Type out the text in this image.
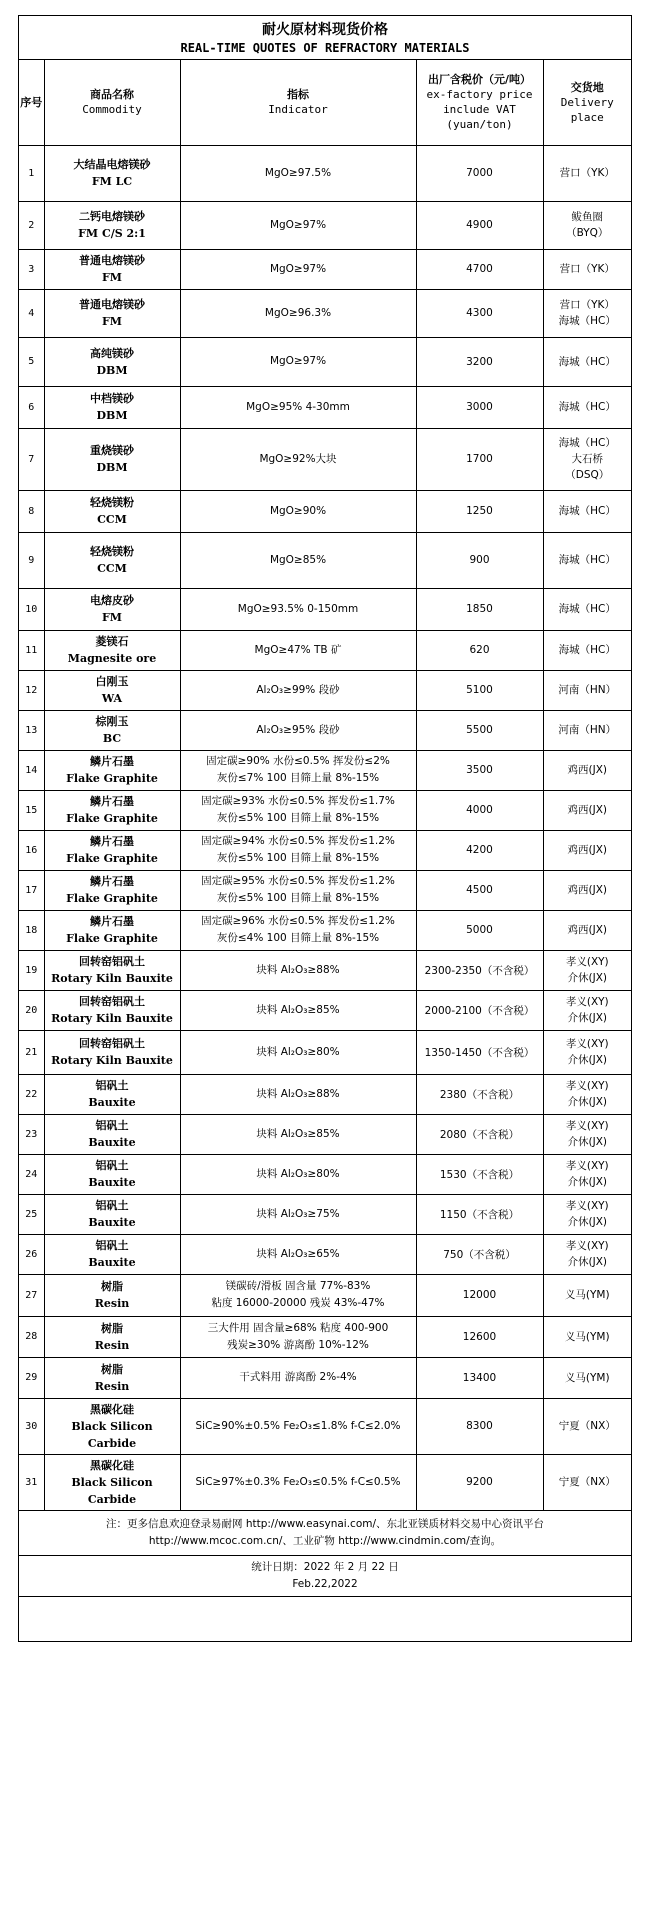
耐火原材料现货价格
REAL-TIME QUOTES OF REFRACTORY MATERIALS
序号	商品名称
Commodity	指标
Indicator	出厂含税价（元/吨）
ex-factory price
include VAT
(yuan/ton)	交货地
Delivery
place

1	大结晶电熔镁砂
FM LC	MgO≥97.5%	7000	营口（YK）

2	二钙电熔镁砂
FM C/S 2:1	MgO≥97%	4900	鲅鱼圈
（BYQ）

3	普通电熔镁砂
FM	MgO≥97%	4700	营口（YK）

4	普通电熔镁砂
FM	MgO≥96.3%	4300	营口（YK）
海城（HC）

5	高纯镁砂
DBM	MgO≥97%	3200	海城（HC）

6	中档镁砂
DBM	MgO≥95% 4-30mm	3000	海城（HC）

7	重烧镁砂
DBM	MgO≥92%大块	1700	海城（HC）
大石桥
（DSQ）

8	轻烧镁粉
CCM	MgO≥90%	1250	海城（HC）

9	轻烧镁粉
CCM	MgO≥85%	900	海城（HC）

10	电熔皮砂
FM	MgO≥93.5% 0-150mm	1850	海城（HC）

11	菱镁石
Magnesite ore	MgO≥47% TB 矿	620	海城（HC）

12	白刚玉
WA	Al₂O₃≥99% 段砂	5100	河南（HN）

13	棕刚玉
BC	Al₂O₃≥95% 段砂	5500	河南（HN）

14	鳞片石墨
Flake Graphite	固定碳≥90% 水份≤0.5% 挥发份≤2%
灰份≤7% 100 目筛上量 8%-15%	3500	鸡西(JX)

15	鳞片石墨
Flake Graphite	固定碳≥93% 水份≤0.5% 挥发份≤1.7%
灰份≤5% 100 目筛上量 8%-15%	4000	鸡西(JX)

16	鳞片石墨
Flake Graphite	固定碳≥94% 水份≤0.5% 挥发份≤1.2%
灰份≤5% 100 目筛上量 8%-15%	4200	鸡西(JX)

17	鳞片石墨
Flake Graphite	固定碳≥95% 水份≤0.5% 挥发份≤1.2%
灰份≤5% 100 目筛上量 8%-15%	4500	鸡西(JX)

18	鳞片石墨
Flake Graphite	固定碳≥96% 水份≤0.5% 挥发份≤1.2%
灰份≤4% 100 目筛上量 8%-15%	5000	鸡西(JX)

19	回转窑铝矾土
Rotary Kiln Bauxite	块料 Al₂O₃≥88%	2300-2350（不含税）	孝义(XY)
介休(JX)

20	回转窑铝矾土
Rotary Kiln Bauxite	块料 Al₂O₃≥85%	2000-2100（不含税）	孝义(XY)
介休(JX)

21	回转窑铝矾土
Rotary Kiln Bauxite	块料 Al₂O₃≥80%	1350-1450（不含税）	孝义(XY)
介休(JX)

22	铝矾土
Bauxite	块料 Al₂O₃≥88%	2380（不含税）	孝义(XY)
介休(JX)

23	铝矾土
Bauxite	块料 Al₂O₃≥85%	2080（不含税）	孝义(XY)
介休(JX)

24	铝矾土
Bauxite	块料 Al₂O₃≥80%	1530（不含税）	孝义(XY)
介休(JX)

25	铝矾土
Bauxite	块料 Al₂O₃≥75%	1150（不含税）	孝义(XY)
介休(JX)

26	铝矾土
Bauxite	块料 Al₂O₃≥65%	750（不含税）	孝义(XY)
介休(JX)

27	树脂
Resin	镁碳砖/滑板 固含量 77%-83%
粘度 16000-20000 残炭 43%-47%	12000	义马(YM)

28	树脂
Resin	三大件用 固含量≥68% 粘度 400-900
残炭≥30% 游离酚 10%-12%	12600	义马(YM)

29	树脂
Resin	干式料用 游离酚 2%-4%	13400	义马(YM)

30	黑碳化硅
Black Silicon Carbide	SiC≥90%±0.5% Fe₂O₃≤1.8% f-C≤2.0%	8300	宁夏（NX）

31	黑碳化硅
Black Silicon Carbide	SiC≥97%±0.3% Fe₂O₃≤0.5% f-C≤0.5%	9200	宁夏（NX）
注：更多信息欢迎登录易耐网 http://www.easynai.com/、东北亚镁质材料交易中心资讯平台
http://www.mcoc.com.cn/、工业矿物 http://www.cindmin.com/查询。
统计日期：2022 年 2 月 22 日
Feb.22,2022
